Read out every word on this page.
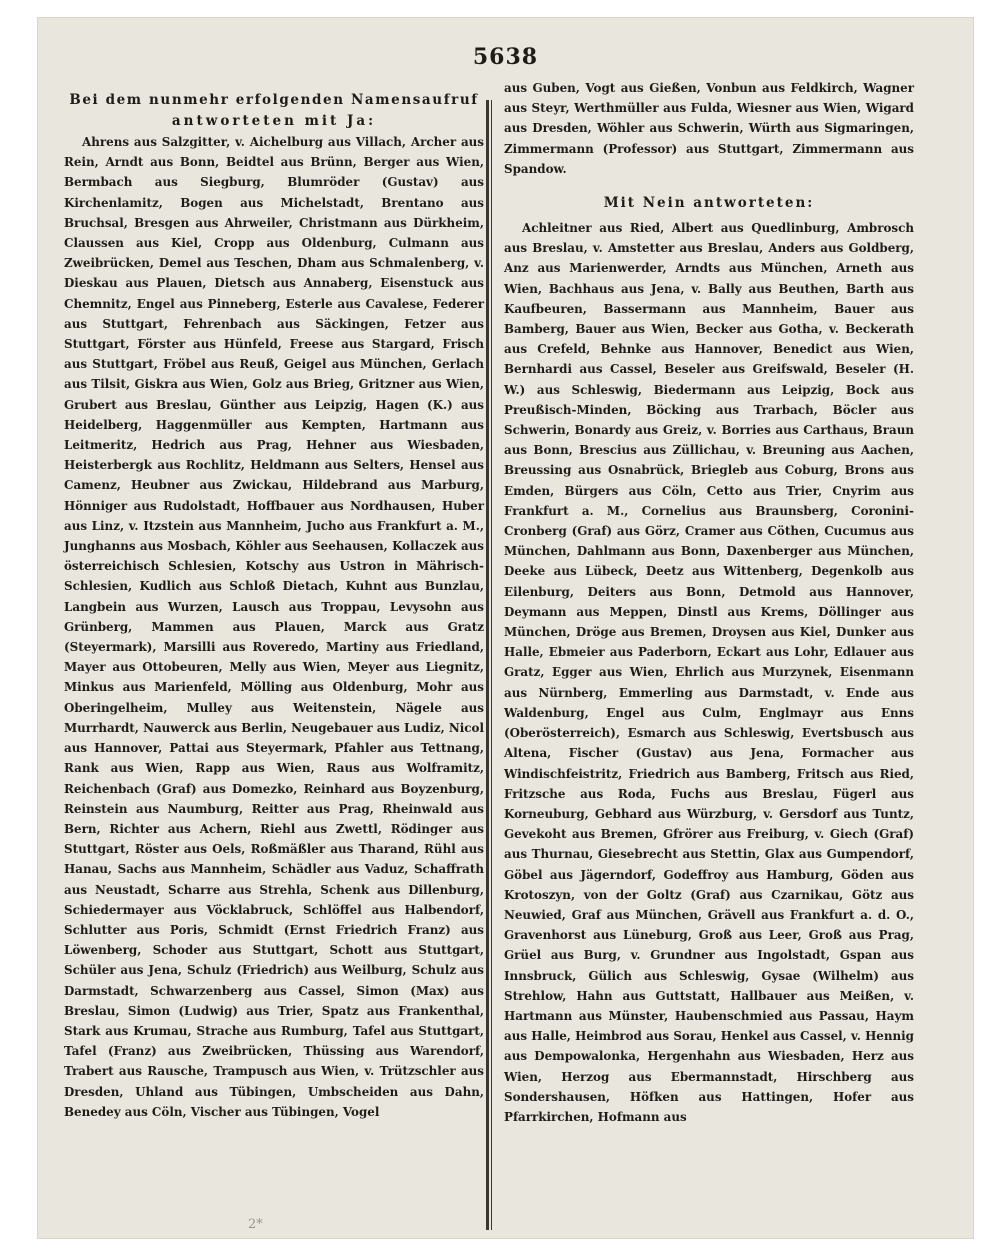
5638

Bei dem nunmehr erfolgenden Namensaufruf

antworteten mit Ja:

Ahrens aus Salzgitter, v. Aichelburg aus Villach, Archer aus Rein, Arndt aus Bonn, Beidtel aus Brünn, Berger aus Wien, Bermbach aus Siegburg, Blumröder (Gustav) aus Kirchenlamitz, Bogen aus Michelstadt, Brentano aus Bruchsal, Bresgen aus Ahrweiler, Christmann aus Dürkheim, Claussen aus Kiel, Cropp aus Oldenburg, Culmann aus Zweibrücken, Demel aus Teschen, Dham aus Schmalenberg, v. Dieskau aus Plauen, Dietsch aus Annaberg, Eisenstuck aus Chemnitz, Engel aus Pinneberg, Esterle aus Cavalese, Federer aus Stuttgart, Fehrenbach aus Säckingen, Fetzer aus Stuttgart, Förster aus Hünfeld, Freese aus Stargard, Frisch aus Stuttgart, Fröbel aus Reuß, Geigel aus München, Gerlach aus Tilsit, Giskra aus Wien, Golz aus Brieg, Gritzner aus Wien, Grubert aus Breslau, Günther aus Leipzig, Hagen (K.) aus Heidelberg, Haggenmüller aus Kempten, Hartmann aus Leitmeritz, Hedrich aus Prag, Hehner aus Wiesbaden, Heisterbergk aus Rochlitz, Heldmann aus Selters, Hensel aus Camenz, Heubner aus Zwickau, Hildebrand aus Marburg, Hönniger aus Rudolstadt, Hoffbauer aus Nordhausen, Huber aus Linz, v. Itzstein aus Mannheim, Jucho aus Frankfurt a. M., Junghanns aus Mosbach, Köhler aus Seehausen, Kollaczek aus österreichisch Schlesien, Kotschy aus Ustron in Mährisch-Schlesien, Kudlich aus Schloß Dietach, Kuhnt aus Bunzlau, Langbein aus Wurzen, Lausch aus Troppau, Levysohn aus Grünberg, Mammen aus Plauen, Marck aus Gratz (Steyermark), Marsilli aus Roveredo, Martiny aus Friedland, Mayer aus Ottobeuren, Melly aus Wien, Meyer aus Liegnitz, Minkus aus Marienfeld, Mölling aus Oldenburg, Mohr aus Oberingelheim, Mulley aus Weitenstein, Nägele aus Murrhardt, Nauwerck aus Berlin, Neugebauer aus Ludiz, Nicol aus Hannover, Pattai aus Steyermark, Pfahler aus Tettnang, Rank aus Wien, Rapp aus Wien, Raus aus Wolframitz, Reichenbach (Graf) aus Domezko, Reinhard aus Boyzenburg, Reinstein aus Naumburg, Reitter aus Prag, Rheinwald aus Bern, Richter aus Achern, Riehl aus Zwettl, Rödinger aus Stuttgart, Röster aus Oels, Roßmäßler aus Tharand, Rühl aus Hanau, Sachs aus Mannheim, Schädler aus Vaduz, Schaffrath aus Neustadt, Scharre aus Strehla, Schenk aus Dillenburg, Schiedermayer aus Vöcklabruck, Schlöffel aus Halbendorf, Schlutter aus Poris, Schmidt (Ernst Friedrich Franz) aus Löwenberg, Schoder aus Stuttgart, Schott aus Stuttgart, Schüler aus Jena, Schulz (Friedrich) aus Weilburg, Schulz aus Darmstadt, Schwarzenberg aus Cassel, Simon (Max) aus Breslau, Simon (Ludwig) aus Trier, Spatz aus Frankenthal, Stark aus Krumau, Strache aus Rumburg, Tafel aus Stuttgart, Tafel (Franz) aus Zweibrücken, Thüssing aus Warendorf, Trabert aus Rausche, Trampusch aus Wien, v. Trützschler aus Dresden, Uhland aus Tübingen, Umbscheiden aus Dahn, Benedey aus Cöln, Vischer aus Tübingen, Vogel

aus Guben, Vogt aus Gießen, Vonbun aus Feldkirch, Wagner aus Steyr, Werthmüller aus Fulda, Wiesner aus Wien, Wigard aus Dresden, Wöhler aus Schwerin, Würth aus Sigmaringen, Zimmermann (Professor) aus Stuttgart, Zimmermann aus Spandow.

Mit Nein antworteten:

Achleitner aus Ried, Albert aus Quedlinburg, Ambrosch aus Breslau, v. Amstetter aus Breslau, Anders aus Goldberg, Anz aus Marienwerder, Arndts aus München, Arneth aus Wien, Bachhaus aus Jena, v. Bally aus Beuthen, Barth aus Kaufbeuren, Bassermann aus Mannheim, Bauer aus Bamberg, Bauer aus Wien, Becker aus Gotha, v. Beckerath aus Crefeld, Behnke aus Hannover, Benedict aus Wien, Bernhardi aus Cassel, Beseler aus Greifswald, Beseler (H. W.) aus Schleswig, Biedermann aus Leipzig, Bock aus Preußisch-Minden, Böcking aus Trarbach, Böcler aus Schwerin, Bonardy aus Greiz, v. Borries aus Carthaus, Braun aus Bonn, Brescius aus Züllichau, v. Breuning aus Aachen, Breussing aus Osnabrück, Briegleb aus Coburg, Brons aus Emden, Bürgers aus Cöln, Cetto aus Trier, Cnyrim aus Frankfurt a. M., Cornelius aus Braunsberg, Coronini-Cronberg (Graf) aus Görz, Cramer aus Cöthen, Cucumus aus München, Dahlmann aus Bonn, Daxenberger aus München, Deeke aus Lübeck, Deetz aus Wittenberg, Degenkolb aus Eilenburg, Deiters aus Bonn, Detmold aus Hannover, Deymann aus Meppen, Dinstl aus Krems, Döllinger aus München, Dröge aus Bremen, Droysen aus Kiel, Dunker aus Halle, Ebmeier aus Paderborn, Eckart aus Lohr, Edlauer aus Gratz, Egger aus Wien, Ehrlich aus Murzynek, Eisenmann aus Nürnberg, Emmerling aus Darmstadt, v. Ende aus Waldenburg, Engel aus Culm, Englmayr aus Enns (Oberösterreich), Esmarch aus Schleswig, Evertsbusch aus Altena, Fischer (Gustav) aus Jena, Formacher aus Windischfeistritz, Friedrich aus Bamberg, Fritsch aus Ried, Fritzsche aus Roda, Fuchs aus Breslau, Fügerl aus Korneuburg, Gebhard aus Würzburg, v. Gersdorf aus Tuntz, Gevekoht aus Bremen, Gfrörer aus Freiburg, v. Giech (Graf) aus Thurnau, Giesebrecht aus Stettin, Glax aus Gumpendorf, Göbel aus Jägerndorf, Godeffroy aus Hamburg, Göden aus Krotoszyn, von der Goltz (Graf) aus Czarnikau, Götz aus Neuwied, Graf aus München, Grävell aus Frankfurt a. d. O., Gravenhorst aus Lüneburg, Groß aus Leer, Groß aus Prag, Grüel aus Burg, v. Grundner aus Ingolstadt, Gspan aus Innsbruck, Gülich aus Schleswig, Gysae (Wilhelm) aus Strehlow, Hahn aus Guttstatt, Hallbauer aus Meißen, v. Hartmann aus Münster, Haubenschmied aus Passau, Haym aus Halle, Heimbrod aus Sorau, Henkel aus Cassel, v. Hennig aus Dempowalonka, Hergenhahn aus Wiesbaden, Herz aus Wien, Herzog aus Ebermannstadt, Hirschberg aus Sondershausen, Höfken aus Hattingen, Hofer aus Pfarrkirchen, Hofmann aus

2*
